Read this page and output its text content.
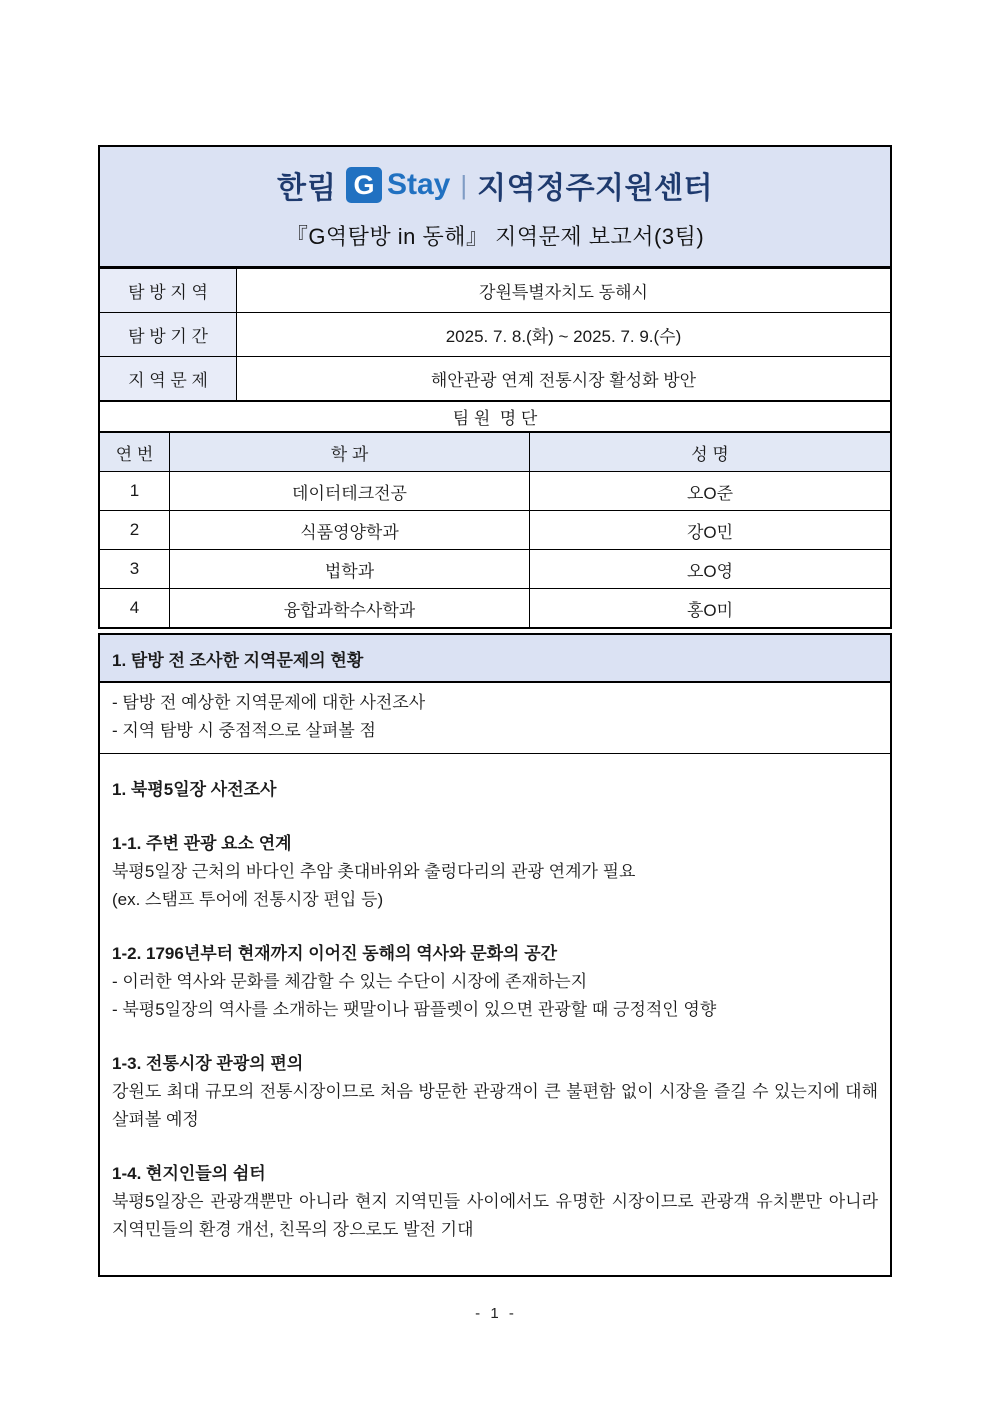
한림 G Stay | 지역정주지원센터
『G역탐방 in 동해』 지역문제 보고서(3팀)
탐 방 지 역	강원특별자치도 동해시
탐 방 기 간	2025. 7. 8.(화) ~ 2025. 7. 9.(수)
지 역 문 제	해안관광 연계 전통시장 활성화 방안
팀 원  명 단
연 번	학 과	성 명
1	데이터테크전공	오O준
2	식품영양학과	강O민
3	법학과	오O영
4	융합과학수사학과	홍O미
1. 탐방 전 조사한 지역문제의 현황

- 탐방 전 예상한 지역문제에 대한 사전조사

- 지역 탐방 시 중점적으로 살펴볼 점

1. 북평5일장 사전조사
1-1. 주변 관광 요소 연계

북평5일장 근처의 바다인 추암 촛대바위와 출렁다리의 관광 연계가 필요

(ex. 스탬프 투어에 전통시장 편입 등)

1-2. 1796년부터 현재까지 이어진 동해의 역사와 문화의 공간

- 이러한 역사와 문화를 체감할 수 있는 수단이 시장에 존재하는지

- 북평5일장의 역사를 소개하는 팻말이나 팜플렛이 있으면 관광할 때 긍정적인 영향

1-3. 전통시장 관광의 편의

강원도 최대 규모의 전통시장이므로 처음 방문한 관광객이 큰 불편함 없이 시장을 즐길 수 있는지에 대해 살펴볼 예정

1-4. 현지인들의 쉼터

북평5일장은 관광객뿐만 아니라 현지 지역민들 사이에서도 유명한 시장이므로 관광객 유치뿐만 아니라 지역민들의 환경 개선, 친목의 장으로도 발전 기대

- 1 -
